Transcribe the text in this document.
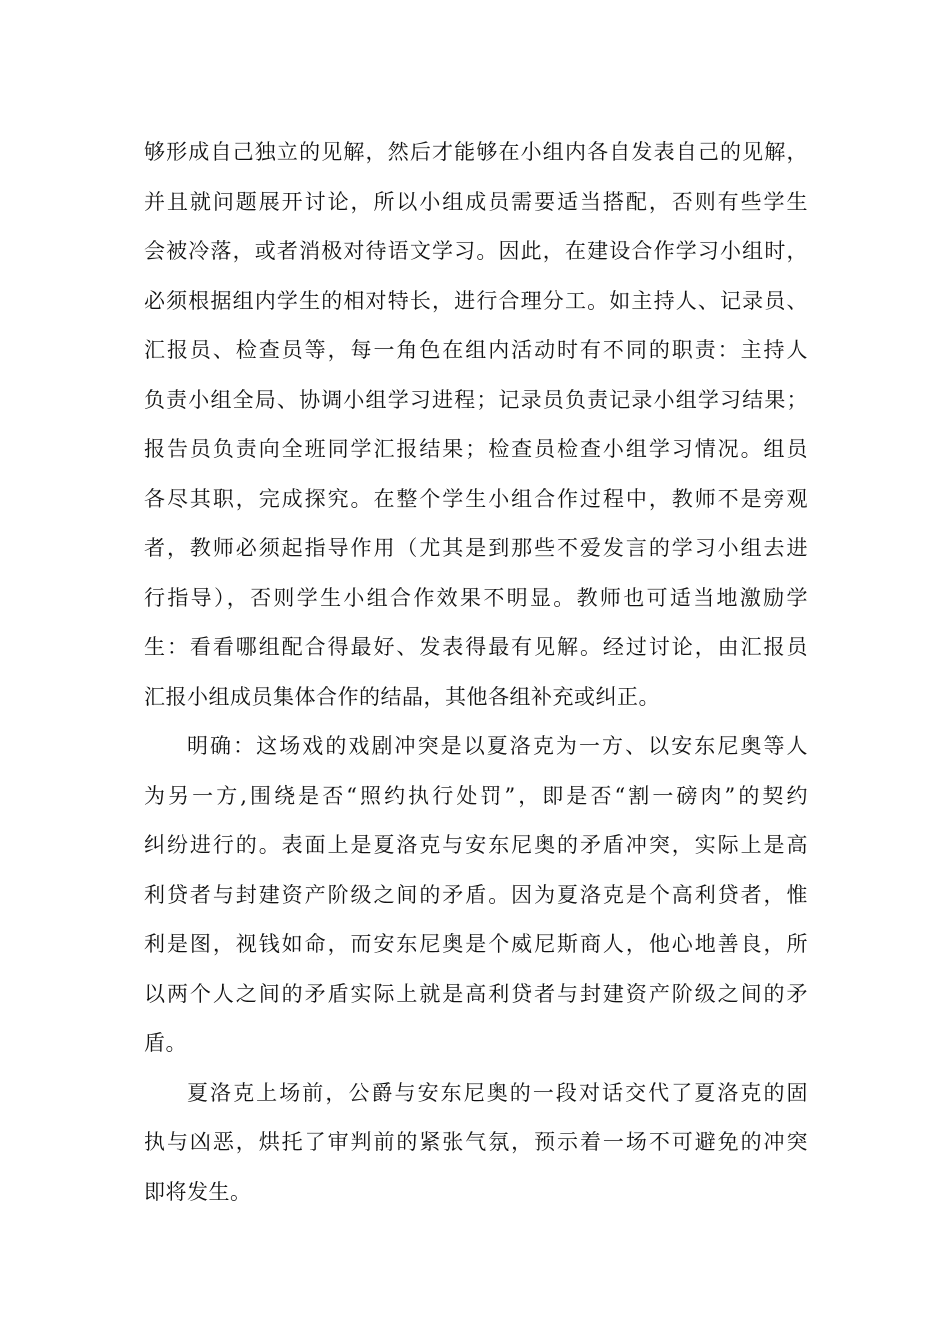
够形成自己独立的见解，然后才能够在小组内各自发表自己的见解，
并且就问题展开讨论，所以小组成员需要适当搭配，否则有些学生
会被冷落，或者消极对待语文学习。因此，在建设合作学习小组时，
必须根据组内学生的相对特长，进行合理分工。如主持人、记录员、
汇报员、检查员等，每一角色在组内活动时有不同的职责：主持人
负责小组全局、协调小组学习进程；记录员负责记录小组学习结果；
报告员负责向全班同学汇报结果；检查员检查小组学习情况。组员
各尽其职，完成探究。在整个学生小组合作过程中，教师不是旁观
者，教师必须起指导作用（尤其是到那些不爱发言的学习小组去进
行指导），否则学生小组合作效果不明显。教师也可适当地激励学
生：看看哪组配合得最好、发表得最有见解。经过讨论，由汇报员
汇报小组成员集体合作的结晶，其他各组补充或纠正。
明确：这场戏的戏剧冲突是以夏洛克为一方、以安东尼奥等人
为另一方,围绕是否“照约执行处罚”，即是否“割一磅肉”的契约
纠纷进行的。表面上是夏洛克与安东尼奥的矛盾冲突，实际上是高
利贷者与封建资产阶级之间的矛盾。因为夏洛克是个高利贷者，惟
利是图，视钱如命，而安东尼奥是个威尼斯商人，他心地善良，所
以两个人之间的矛盾实际上就是高利贷者与封建资产阶级之间的矛
盾。
夏洛克上场前，公爵与安东尼奥的一段对话交代了夏洛克的固
执与凶恶，烘托了审判前的紧张气氛，预示着一场不可避免的冲突
即将发生。
